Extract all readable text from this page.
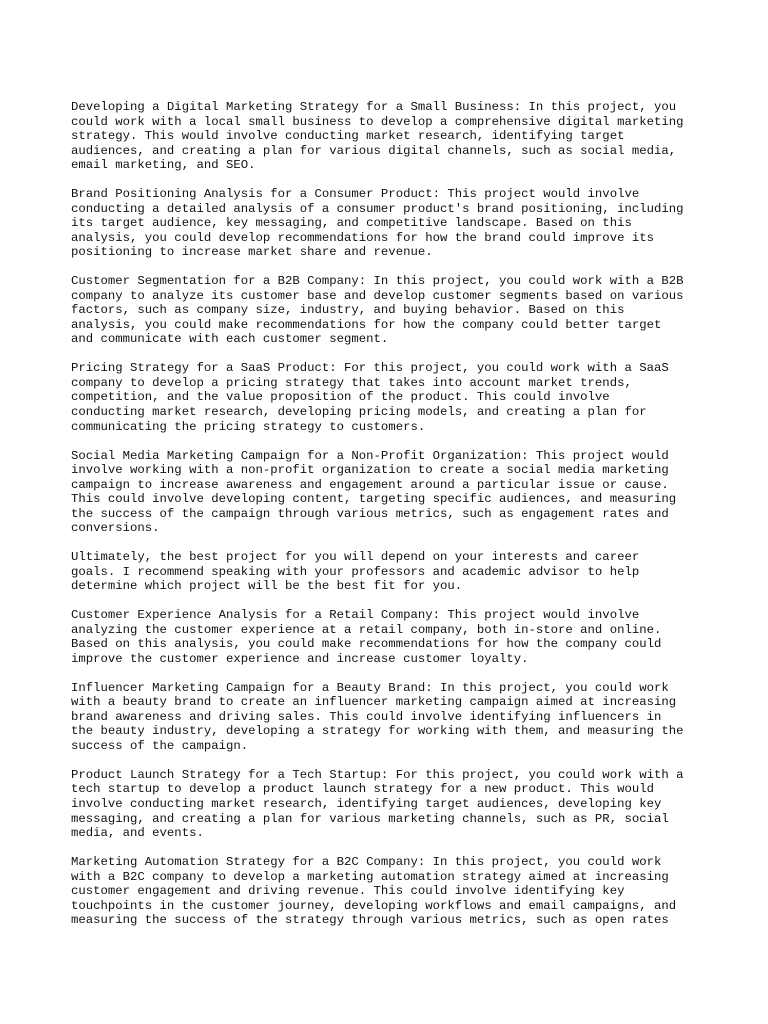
Developing a Digital Marketing Strategy for a Small Business: In this project, you
could work with a local small business to develop a comprehensive digital marketing
strategy. This would involve conducting market research, identifying target
audiences, and creating a plan for various digital channels, such as social media,
email marketing, and SEO.

Brand Positioning Analysis for a Consumer Product: This project would involve
conducting a detailed analysis of a consumer product's brand positioning, including
its target audience, key messaging, and competitive landscape. Based on this
analysis, you could develop recommendations for how the brand could improve its
positioning to increase market share and revenue.

Customer Segmentation for a B2B Company: In this project, you could work with a B2B
company to analyze its customer base and develop customer segments based on various
factors, such as company size, industry, and buying behavior. Based on this
analysis, you could make recommendations for how the company could better target
and communicate with each customer segment.

Pricing Strategy for a SaaS Product: For this project, you could work with a SaaS
company to develop a pricing strategy that takes into account market trends,
competition, and the value proposition of the product. This could involve
conducting market research, developing pricing models, and creating a plan for
communicating the pricing strategy to customers.

Social Media Marketing Campaign for a Non-Profit Organization: This project would
involve working with a non-profit organization to create a social media marketing
campaign to increase awareness and engagement around a particular issue or cause.
This could involve developing content, targeting specific audiences, and measuring
the success of the campaign through various metrics, such as engagement rates and
conversions.

Ultimately, the best project for you will depend on your interests and career
goals. I recommend speaking with your professors and academic advisor to help
determine which project will be the best fit for you.

Customer Experience Analysis for a Retail Company: This project would involve
analyzing the customer experience at a retail company, both in-store and online.
Based on this analysis, you could make recommendations for how the company could
improve the customer experience and increase customer loyalty.

Influencer Marketing Campaign for a Beauty Brand: In this project, you could work
with a beauty brand to create an influencer marketing campaign aimed at increasing
brand awareness and driving sales. This could involve identifying influencers in
the beauty industry, developing a strategy for working with them, and measuring the
success of the campaign.

Product Launch Strategy for a Tech Startup: For this project, you could work with a
tech startup to develop a product launch strategy for a new product. This would
involve conducting market research, identifying target audiences, developing key
messaging, and creating a plan for various marketing channels, such as PR, social
media, and events.

Marketing Automation Strategy for a B2C Company: In this project, you could work
with a B2C company to develop a marketing automation strategy aimed at increasing
customer engagement and driving revenue. This could involve identifying key
touchpoints in the customer journey, developing workflows and email campaigns, and
measuring the success of the strategy through various metrics, such as open rates
